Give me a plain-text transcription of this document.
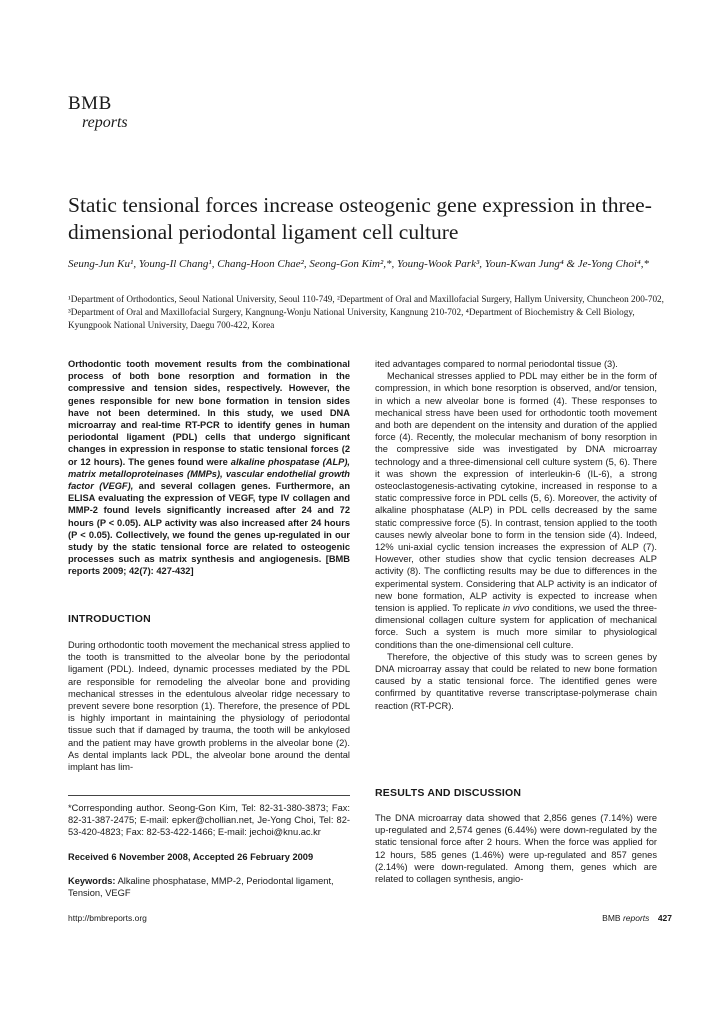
BMB
reports
Static tensional forces increase osteogenic gene expression in three-dimensional periodontal ligament cell culture
Seung-Jun Ku¹, Young-Il Chang¹, Chang-Hoon Chae², Seong-Gon Kim²,*, Young-Wook Park³, Youn-Kwan Jung⁴ & Je-Yong Choi⁴,*
¹Department of Orthodontics, Seoul National University, Seoul 110-749, ²Department of Oral and Maxillofacial Surgery, Hallym University, Chuncheon 200-702, ³Department of Oral and Maxillofacial Surgery, Kangnung-Wonju National University, Kangnung 210-702, ⁴Department of Biochemistry & Cell Biology, Kyungpook National University, Daegu 700-422, Korea
Orthodontic tooth movement results from the combinational process of both bone resorption and formation in the compressive and tension sides, respectively. However, the genes responsible for new bone formation in tension sides have not been determined. In this study, we used DNA microarray and real-time RT-PCR to identify genes in human periodontal ligament (PDL) cells that undergo significant changes in expression in response to static tensional forces (2 or 12 hours). The genes found were alkaline phospatase (ALP), matrix metalloproteinases (MMPs), vascular endothelial growth factor (VEGF), and several collagen genes. Furthermore, an ELISA evaluating the expression of VEGF, type IV collagen and MMP-2 found levels significantly increased after 24 and 72 hours (P < 0.05). ALP activity was also increased after 24 hours (P < 0.05). Collectively, we found the genes up-regulated in our study by the static tensional force are related to osteogenic processes such as matrix synthesis and angiogenesis. [BMB reports 2009; 42(7): 427-432]
INTRODUCTION
During orthodontic tooth movement the mechanical stress applied to the tooth is transmitted to the alveolar bone by the periodontal ligament (PDL). Indeed, dynamic processes mediated by the PDL are responsible for remodeling the alveolar bone and providing mechanical stresses in the edentulous alveolar ridge necessary to prevent severe bone resorption (1). Therefore, the presence of PDL is highly important in maintaining the physiology of periodontal tissue such that if damaged by trauma, the tooth will be ankylosed and the patient may have growth problems in the alveolar bone (2). As dental implants lack PDL, the alveolar bone around the dental implant has lim-
*Corresponding author. Seong-Gon Kim, Tel: 82-31-380-3873; Fax: 82-31-387-2475; E-mail: epker@chollian.net, Je-Yong Choi, Tel: 82-53-420-4823; Fax: 82-53-422-1466; E-mail: jechoi@knu.ac.kr
Received 6 November 2008, Accepted 26 February 2009
Keywords: Alkaline phosphatase, MMP-2, Periodontal ligament, Tension, VEGF

ited advantages compared to normal periodontal tissue (3).

Mechanical stresses applied to PDL may either be in the form of compression, in which bone resorption is observed, and/or tension, in which a new alveolar bone is formed (4). These responses to mechanical stress have been used for orthodontic tooth movement and both are dependent on the intensity and duration of the applied force (4). Recently, the molecular mechanism of bony resorption in the compressive side was investigated by DNA microarray technology and a three-dimensional cell culture system (5, 6). There it was shown the expression of interleukin-6 (IL-6), a strong osteoclastogenesis-activating cytokine, increased in response to a static compressive force in PDL cells (5, 6). Moreover, the activity of alkaline phosphatase (ALP) in PDL cells decreased by the same static compressive force (5). In contrast, tension applied to the tooth causes newly alveolar bone to form in the tension side (4). Indeed, 12% uni-axial cyclic tension increases the expression of ALP (7). However, other studies show that cyclic tension decreases ALP activity (8). The conflicting results may be due to differences in the experimental system. Considering that ALP activity is an indicator of new bone formation, ALP activity is expected to increase when tension is applied. To replicate in vivo conditions, we used the three-dimensional collagen culture system for application of mechanical force. Such a system is much more similar to physiological conditions than the one-dimensional cell culture.

Therefore, the objective of this study was to screen genes by DNA microarray assay that could be related to new bone formation caused by a static tensional force. The identified genes were confirmed by quantitative reverse transcriptase-polymerase chain reaction (RT-PCR).

RESULTS AND DISCUSSION
The DNA microarray data showed that 2,856 genes (7.14%) were up-regulated and 2,574 genes (6.44%) were down-regulated by the static tensional force after 2 hours. When the force was applied for 12 hours, 585 genes (1.46%) were up-regulated and 857 genes (2.14%) were down-regulated. Among them, genes which are related to collagen synthesis, angio-
http://bmbreports.org	BMB reports 427
